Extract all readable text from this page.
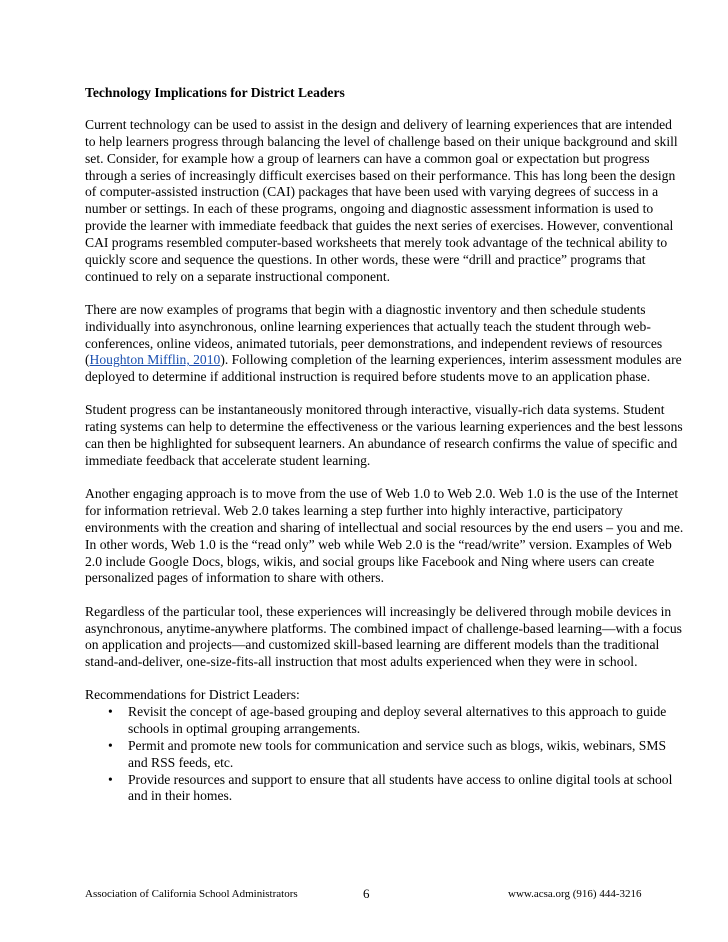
Technology Implications for District Leaders

Current technology can be used to assist in the design and delivery of learning experiences that are intended to help learners progress through balancing the level of challenge based on their unique background and skill set. Consider, for example how a group of learners can have a common goal or expectation but progress through a series of increasingly difficult exercises based on their performance. This has long been the design of computer-assisted instruction (CAI) packages that have been used with varying degrees of success in a number or settings. In each of these programs, ongoing and diagnostic assessment information is used to provide the learner with immediate feedback that guides the next series of exercises. However, conventional CAI programs resembled computer-based worksheets that merely took advantage of the technical ability to quickly score and sequence the questions. In other words, these were “drill and practice” programs that continued to rely on a separate instructional component.

There are now examples of programs that begin with a diagnostic inventory and then schedule students individually into asynchronous, online learning experiences that actually teach the student through web-conferences, online videos, animated tutorials, peer demonstrations, and independent reviews of resources (Houghton Mifflin, 2010). Following completion of the learning experiences, interim assessment modules are deployed to determine if additional instruction is required before students move to an application phase.

Student progress can be instantaneously monitored through interactive, visually-rich data systems. Student rating systems can help to determine the effectiveness or the various learning experiences and the best lessons can then be highlighted for subsequent learners. An abundance of research confirms the value of specific and immediate feedback that accelerate student learning.

Another engaging approach is to move from the use of Web 1.0 to Web 2.0. Web 1.0 is the use of the Internet for information retrieval. Web 2.0 takes learning a step further into highly interactive, participatory environments with the creation and sharing of intellectual and social resources by the end users – you and me. In other words, Web 1.0 is the “read only” web while Web 2.0 is the “read/write” version. Examples of Web 2.0 include Google Docs, blogs, wikis, and social groups like Facebook and Ning where users can create personalized pages of information to share with others.

Regardless of the particular tool, these experiences will increasingly be delivered through mobile devices in asynchronous, anytime-anywhere platforms. The combined impact of challenge-based learning—with a focus on application and projects—and customized skill-based learning are different models than the traditional stand-and-deliver, one-size-fits-all instruction that most adults experienced when they were in school.

Recommendations for District Leaders:

• Revisit the concept of age-based grouping and deploy several alternatives to this approach to guide schools in optimal grouping arrangements.
• Permit and promote new tools for communication and service such as blogs, wikis, webinars, SMS and RSS feeds, etc.
• Provide resources and support to ensure that all students have access to online digital tools at school and in their homes.
Association of California School Administrators	6	www.acsa.org (916) 444-3216
